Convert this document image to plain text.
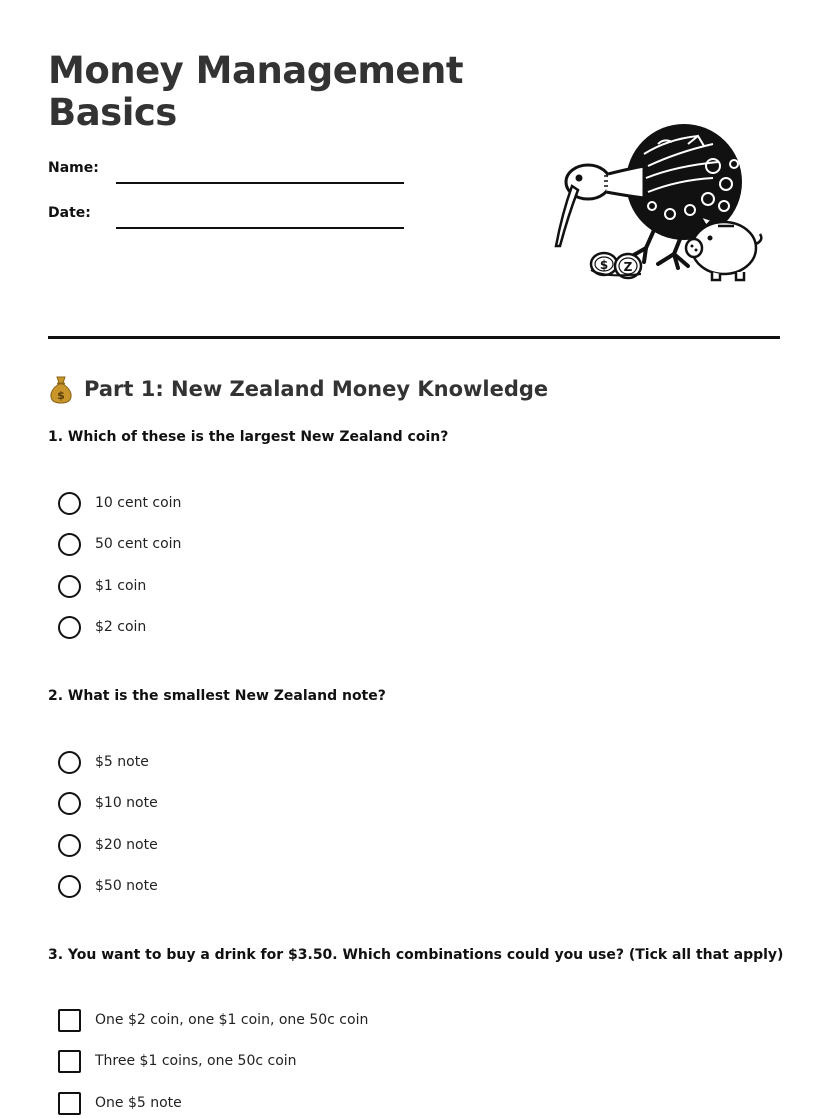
Money Management
Basics
Name:
Date:
$ Z
$ Part 1: New Zealand Money Knowledge
1. Which of these is the largest New Zealand coin?
10 cent coin
50 cent coin
$1 coin
$2 coin
2. What is the smallest New Zealand note?
$5 note
$10 note
$20 note
$50 note
3. You want to buy a drink for $3.50. Which combinations could you use? (Tick all that apply)
One $2 coin, one $1 coin, one 50c coin
Three $1 coins, one 50c coin
One $5 note
